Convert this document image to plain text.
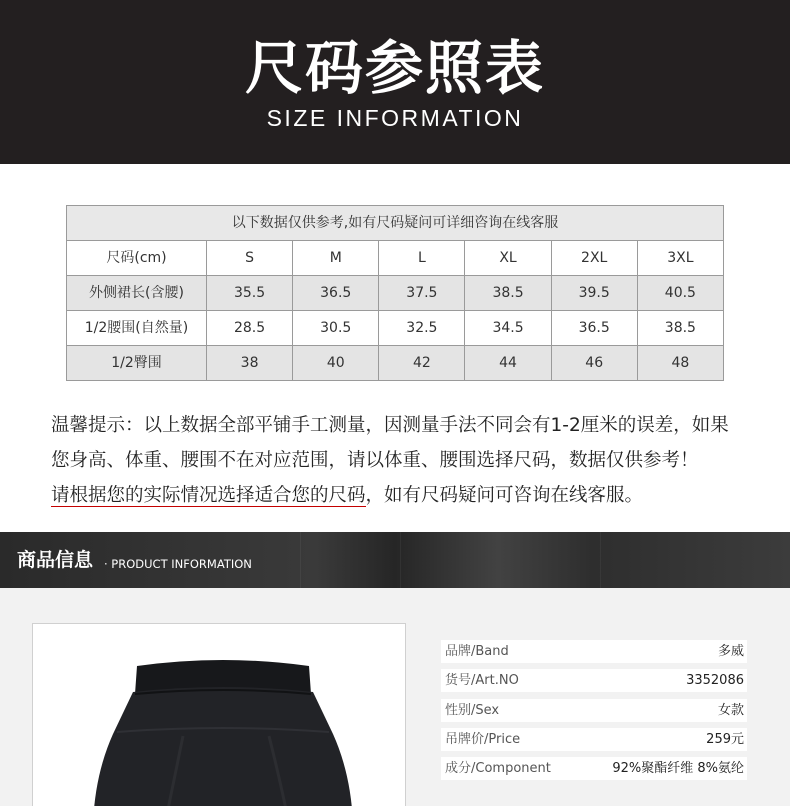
尺码参照表
SIZE INFORMATION
以下数据仅供参考,如有尺码疑问可详细咨询在线客服						
尺码(cm)	S	M	L	XL	2XL	3XL
外侧裙长(含腰)	35.5	36.5	37.5	38.5	39.5	40.5
1/2腰围(自然量)	28.5	30.5	32.5	34.5	36.5	38.5
1/2臀围	38	40	42	44	46	48
温馨提示：以上数据全部平铺手工测量，因测量手法不同会有1-2厘米的误差，如果
您身高、体重、腰围不在对应范围，请以体重、腰围选择尺码，数据仅供参考！
请根据您的实际情况选择适合您的尺码，如有尺码疑问可咨询在线客服。
商品信息 · PRODUCT INFORMATION
品牌/Band	多威
货号/Art.NO	3352086
性别/Sex	女款
吊牌价/Price	259元
成分/Component	92%聚酯纤维 8%氨纶
